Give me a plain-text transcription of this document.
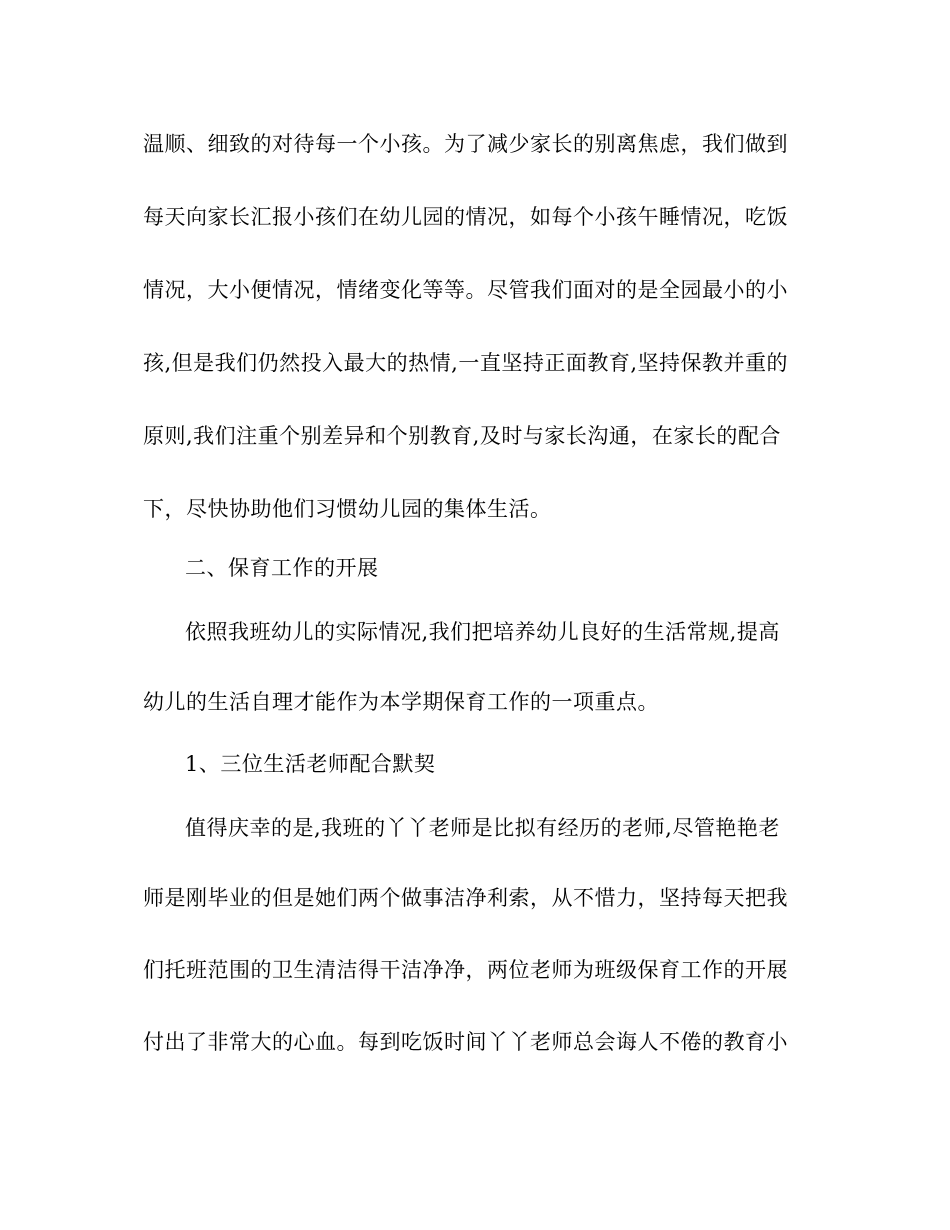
温顺、细致的对待每一个小孩。为了减少家长的别离焦虑，我们做到
每天向家长汇报小孩们在幼儿园的情况，如每个小孩午睡情况，吃饭
情况，大小便情况，情绪变化等等。尽管我们面对的是全园最小的小
孩,但是我们仍然投入最大的热情,一直坚持正面教育,坚持保教并重的
原则,我们注重个别差异和个别教育,及时与家长沟通，在家长的配合
下，尽快协助他们习惯幼儿园的集体生活。
二、保育工作的开展
依照我班幼儿的实际情况,我们把培养幼儿良好的生活常规,提高
幼儿的生活自理才能作为本学期保育工作的一项重点。
1、三位生活老师配合默契
值得庆幸的是,我班的丫丫老师是比拟有经历的老师,尽管艳艳老
师是刚毕业的但是她们两个做事洁净利索，从不惜力，坚持每天把我
们托班范围的卫生清洁得干洁净净，两位老师为班级保育工作的开展
付出了非常大的心血。每到吃饭时间丫丫老师总会诲人不倦的教育小
